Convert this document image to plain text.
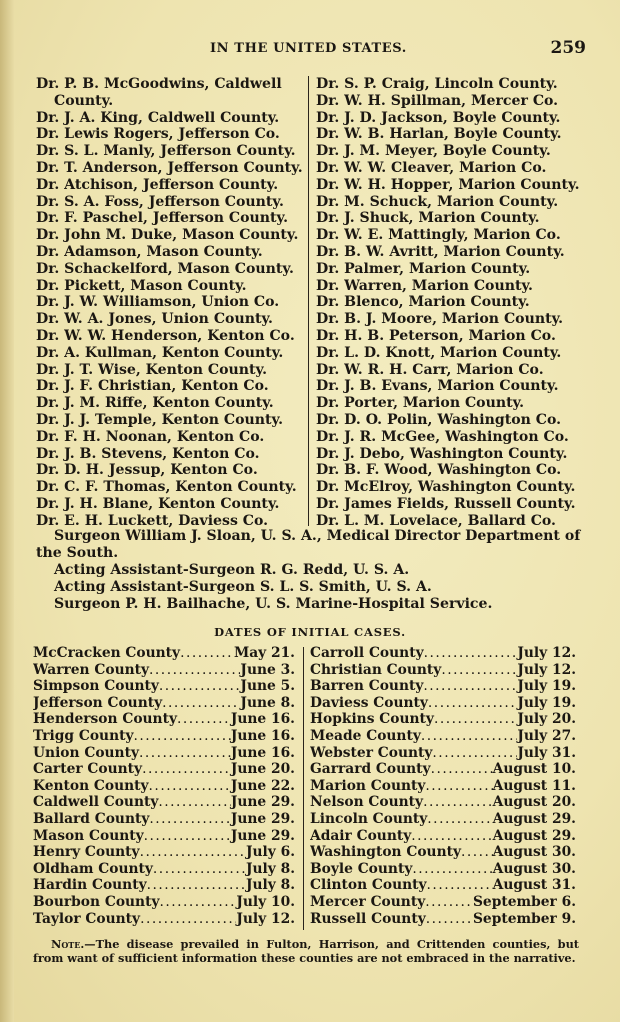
IN THE UNITED STATES.	259
Dr. P. B. McGoodwins, Caldwell
County.
Dr. J. A. King, Caldwell County.
Dr. Lewis Rogers, Jefferson Co.
Dr. S. L. Manly, Jefferson County.
Dr. T. Anderson, Jefferson County.
Dr. Atchison, Jefferson County.
Dr. S. A. Foss, Jefferson County.
Dr. F. Paschel, Jefferson County.
Dr. John M. Duke, Mason County.
Dr. Adamson, Mason County.
Dr. Schackelford, Mason County.
Dr. Pickett, Mason County.
Dr. J. W. Williamson, Union Co.
Dr. W. A. Jones, Union County.
Dr. W. W. Henderson, Kenton Co.
Dr. A. Kullman, Kenton County.
Dr. J. T. Wise, Kenton County.
Dr. J. F. Christian, Kenton Co.
Dr. J. M. Riffe, Kenton County.
Dr. J. J. Temple, Kenton County.
Dr. F. H. Noonan, Kenton Co.
Dr. J. B. Stevens, Kenton Co.
Dr. D. H. Jessup, Kenton Co.
Dr. C. F. Thomas, Kenton County.
Dr. J. H. Blane, Kenton County.
Dr. E. H. Luckett, Daviess Co.
Dr. S. P. Craig, Lincoln County.
Dr. W. H. Spillman, Mercer Co.
Dr. J. D. Jackson, Boyle County.
Dr. W. B. Harlan, Boyle County.
Dr. J. M. Meyer, Boyle County.
Dr. W. W. Cleaver, Marion Co.
Dr. W. H. Hopper, Marion County.
Dr. M. Schuck, Marion County.
Dr. J. Shuck, Marion County.
Dr. W. E. Mattingly, Marion Co.
Dr. B. W. Avritt, Marion County.
Dr. Palmer, Marion County.
Dr. Warren, Marion County.
Dr. Blenco, Marion County.
Dr. B. J. Moore, Marion County.
Dr. H. B. Peterson, Marion Co.
Dr. L. D. Knott, Marion County.
Dr. W. R. H. Carr, Marion Co.
Dr. J. B. Evans, Marion County.
Dr. Porter, Marion County.
Dr. D. O. Polin, Washington Co.
Dr. J. R. McGee, Washington Co.
Dr. J. Debo, Washington County.
Dr. B. F. Wood, Washington Co.
Dr. McElroy, Washington County.
Dr. James Fields, Russell County.
Dr. L. M. Lovelace, Ballard Co.
Surgeon William J. Sloan, U. S. A., Medical Director Department of
the South.
Acting Assistant-Surgeon R. G. Redd, U. S. A.
Acting Assistant-Surgeon S. L. S. Smith, U. S. A.
Surgeon P. H. Bailhache, U. S. Marine-Hospital Service.
DATES OF INITIAL CASES.
McCracken County .....	May 21.
Warren County .....	June 3.
Simpson County .....	June 5.
Jefferson County .....	June 8.
Henderson County .....	June 16.
Trigg County .....	June 16.
Union County .....	June 16.
Carter County .....	June 20.
Kenton County .....	June 22.
Caldwell County .....	June 29.
Ballard County .....	June 29.
Mason County .....	June 29.
Henry County .....	July 6.
Oldham County .....	July 8.
Hardin County .....	July 8.
Bourbon County .....	July 10.
Taylor County .....	July 12.
Carroll County .....	July 12.
Christian County .....	July 12.
Barren County .....	July 19.
Daviess County .....	July 19.
Hopkins County .....	July 20.
Meade County .....	July 27.
Webster County .....	July 31.
Garrard County .....	August 10.
Marion County .....	August 11.
Nelson County .....	August 20.
Lincoln County .....	August 29.
Adair County .....	August 29.
Washington County ..... August 30.
Boyle County .....	August 30.
Clinton County .....	August 31.
Mercer County .....	September 6.
Russell County .....	September 9.
Note.—The disease prevailed in Fulton, Harrison, and Crittenden counties, but from want of sufficient information these counties are not embraced in the narrative.
